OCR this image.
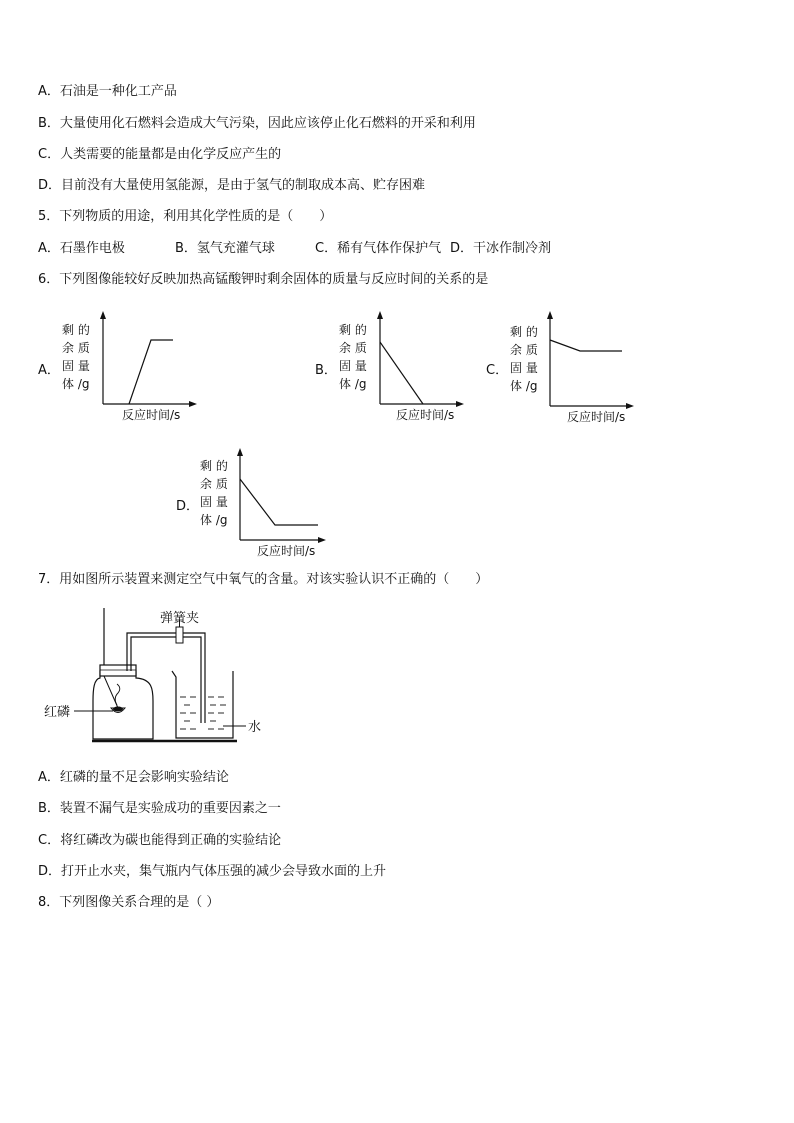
A．石油是一种化工产品
B．大量使用化石燃料会造成大气污染，因此应该停止化石燃料的开采和利用
C．人类需要的能量都是由化学反应产生的
D．目前没有大量使用氢能源，是由于氢气的制取成本高、贮存困难
5．下列物质的用途，利用其化学性质的是（　　）
A．石墨作电极	B．氢气充灌气球	C．稀有气体作保护气 D．干冰作制冷剂
6．下列图像能较好反映加热高锰酸钾时剩余固体的质量与反应时间的关系的是
A．
剩 的
余 质
固 量
体 /g
反应时间/s
B．
剩 的
余 质
固 量
体 /g
反应时间/s
C．
剩 的
余 质
固 量
体 /g
反应时间/s
D．
剩 的
余 质
固 量
体 /g
反应时间/s
7．用如图所示装置来测定空气中氧气的含量。对该实验认识不正确的（　　）
红磷
弹簧夹
水
A．红磷的量不足会影响实验结论
B．装置不漏气是实验成功的重要因素之一
C．将红磷改为碳也能得到正确的实验结论
D．打开止水夹，集气瓶内气体压强的减少会导致水面的上升
8．下列图像关系合理的是（ ）
